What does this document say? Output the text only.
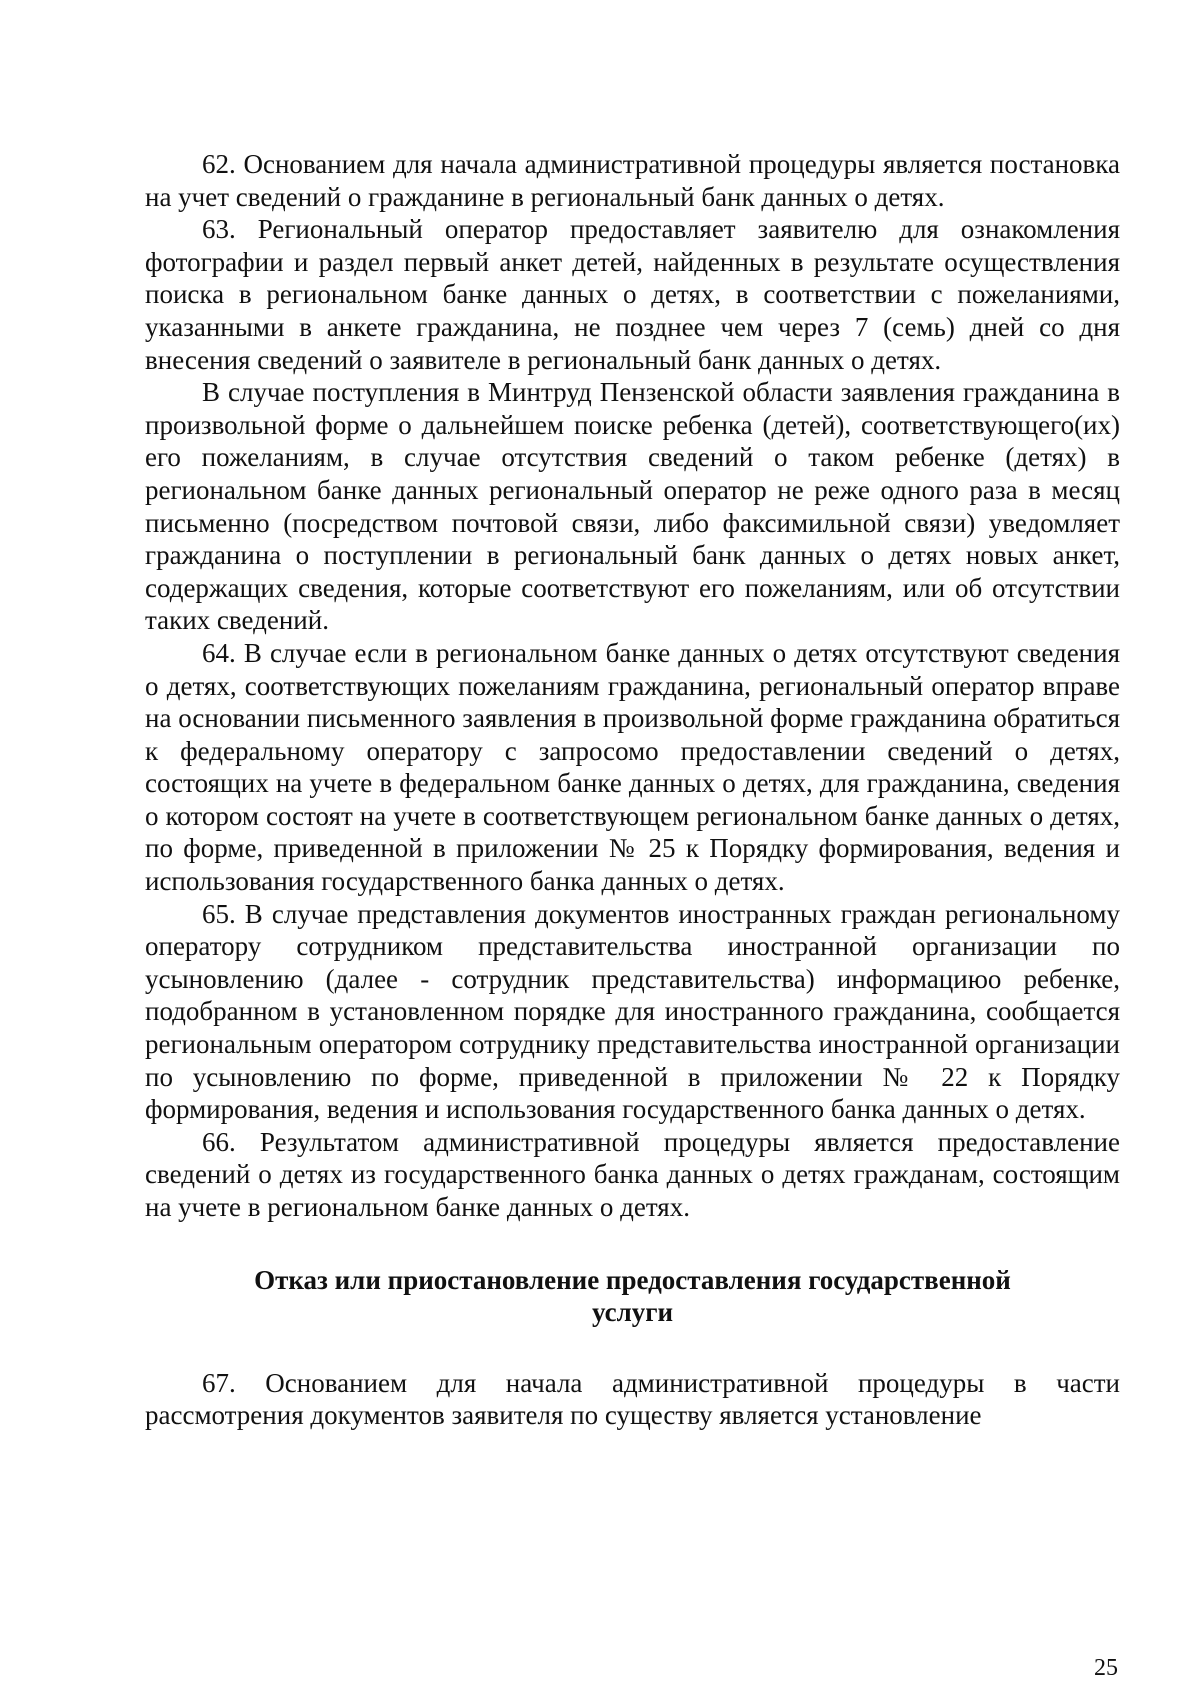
62. Основанием для начала административной процедуры является постановка на учет сведений о гражданине в региональный банк данных о детях.

63. Региональный оператор предоставляет заявителю для ознакомления фотографии и раздел первый анкет детей, найденных в результате осуществления поиска в региональном банке данных о детях, в соответствии с пожеланиями, указанными в анкете гражданина, не позднее чем через 7 (семь) дней со дня внесения сведений о заявителе в региональный банк данных о детях.

В случае поступления в Минтруд Пензенской области заявления гражданина в произвольной форме о дальнейшем поиске ребенка (детей), соответствующего(их) его пожеланиям, в случае отсутствия сведений о таком ребенке (детях) в региональном банке данных региональный оператор не реже одного раза в месяц письменно (посредством почтовой связи, либо факсимильной связи) уведомляет гражданина о поступлении в региональный банк данных о детях новых анкет, содержащих сведения, которые соответствуют его пожеланиям, или об отсутствии таких сведений.

64. В случае если в региональном банке данных о детях отсутствуют сведения о детях, соответствующих пожеланиям гражданина, региональный оператор вправе на основании письменного заявления в произвольной форме гражданина обратиться к федеральному оператору с запросомо предоставлении сведений о детях, состоящих на учете в федеральном банке данных о детях, для гражданина, сведения о котором состоят на учете в соответствующем региональном банке данных о детях, по форме, приведенной в приложении № 25 к Порядку формирования, ведения и использования государственного банка данных о детях.

65. В случае представления документов иностранных граждан региональному оператору сотрудником представительства иностранной организации по усыновлению (далее - сотрудник представительства) информациюо ребенке, подобранном в установленном порядке для иностранного гражданина, сообщается региональным оператором сотруднику представительства иностранной организации по усыновлению по форме, приведенной в приложении № 22 к Порядку формирования, ведения и использования государственного банка данных о детях.

66. Результатом административной процедуры является предоставление сведений о детях из государственного банка данных о детях гражданам, состоящим на учете в региональном банке данных о детях.

Отказ или приостановление предоставления государственной
услуги

67. Основанием для начала административной процедуры в части рассмотрения документов заявителя по существу является установление

25
